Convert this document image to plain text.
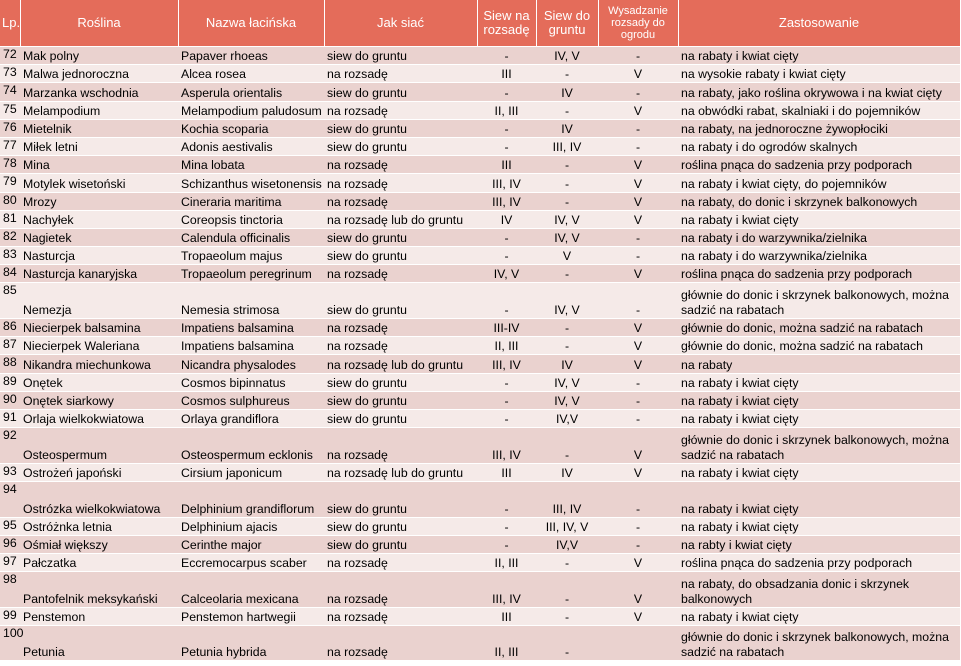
Lp.	Roślina	Nazwa łacińska	Jak siać	Siew na rozsadę	Siew do gruntu	Wysadzanie rozsady do ogrodu	Zastosowanie
72	Mak polny	Papaver rhoeas	siew do gruntu	-	IV, V	-	na rabaty i kwiat cięty
73	Malwa jednoroczna	Alcea rosea	na rozsadę	III	-	V	na wysokie rabaty i kwiat cięty
74	Marzanka wschodnia	Asperula orientalis	siew do gruntu	-	IV	-	na rabaty, jako roślina okrywowa i na kwiat cięty
75	Melampodium	Melampodium paludosum	na rozsadę	II, III	-	V	na obwódki rabat, skalniaki i do pojemników
76	Mietelnik	Kochia scoparia	siew do gruntu	-	IV	-	na rabaty, na jednoroczne żywopłociki
77	Miłek letni	Adonis aestivalis	siew do gruntu	-	III, IV	-	na rabaty i do ogrodów skalnych
78	Mina	Mina lobata	na rozsadę	III	-	V	roślina pnąca do sadzenia przy podporach
79	Motylek wisetoński	Schizanthus wisetonensis	na rozsadę	III, IV	-	V	na rabaty i kwiat cięty, do pojemników
80	Mrozy	Cineraria maritima	na rozsadę	III, IV	-	V	na rabaty, do donic i skrzynek balkonowych
81	Nachyłek	Coreopsis tinctoria	na rozsadę lub do gruntu	IV	IV, V	V	na rabaty i kwiat cięty
82	Nagietek	Calendula officinalis	siew do gruntu	-	IV, V	-	na rabaty i do warzywnika/zielnika
83	Nasturcja	Tropaeolum majus	siew do gruntu	-	V	-	na rabaty i do warzywnika/zielnika
84	Nasturcja kanaryjska	Tropaeolum peregrinum	na rozsadę	IV, V	-	V	roślina pnąca do sadzenia przy podporach
85	Nemezja	Nemesia strimosa	siew do gruntu	-	IV, V	-	głównie do donic i skrzynek balkonowych, można sadzić na rabatach
86	Niecierpek balsamina	Impatiens balsamina	na rozsadę	III-IV	-	V	głównie do donic, można sadzić na rabatach
87	Niecierpek Waleriana	Impatiens balsamina	na rozsadę	II, III	-	V	głównie do donic, można sadzić na rabatach
88	Nikandra miechunkowa	Nicandra physalodes	na rozsadę lub do gruntu	III, IV	IV	V	na rabaty
89	Onętek	Cosmos bipinnatus	siew do gruntu	-	IV, V	-	na rabaty i kwiat cięty
90	Onętek siarkowy	Cosmos sulphureus	siew do gruntu	-	IV, V	-	na rabaty i kwiat cięty
91	Orlaja wielkokwiatowa	Orlaya grandiflora	siew do gruntu	-	IV,V	-	na rabaty i kwiat cięty
92	Osteospermum	Osteospermum ecklonis	na rozsadę	III, IV	-	V	głównie do donic i skrzynek balkonowych, można sadzić na rabatach
93	Ostrożeń japoński	Cirsium japonicum	na rozsadę lub do gruntu	III	IV	V	na rabaty i kwiat cięty
94	Ostrózka wielkokwiatowa	Delphinium grandiflorum	siew do gruntu	-	III, IV	-	na rabaty i kwiat cięty
95	Ostróżnka letnia	Delphinium ajacis	siew do gruntu	-	III, IV, V	-	na rabaty i kwiat cięty
96	Ośmiał większy	Cerinthe major	siew do gruntu	-	IV,V	-	na rabty i kwiat cięty
97	Pałczatka	Eccremocarpus scaber	na rozsadę	II, III	-	V	roślina pnąca do sadzenia przy podporach
98	Pantofelnik meksykański	Calceolaria mexicana	na rozsadę	III, IV	-	V	na rabaty, do obsadzania donic i skrzynek balkonowych
99	Penstemon	Penstemon hartwegii	na rozsadę	III	-	V	na rabaty i kwiat cięty
100	Petunia	Petunia hybrida	na rozsadę	II, III	-		głównie do donic i skrzynek balkonowych, można sadzić na rabatach
